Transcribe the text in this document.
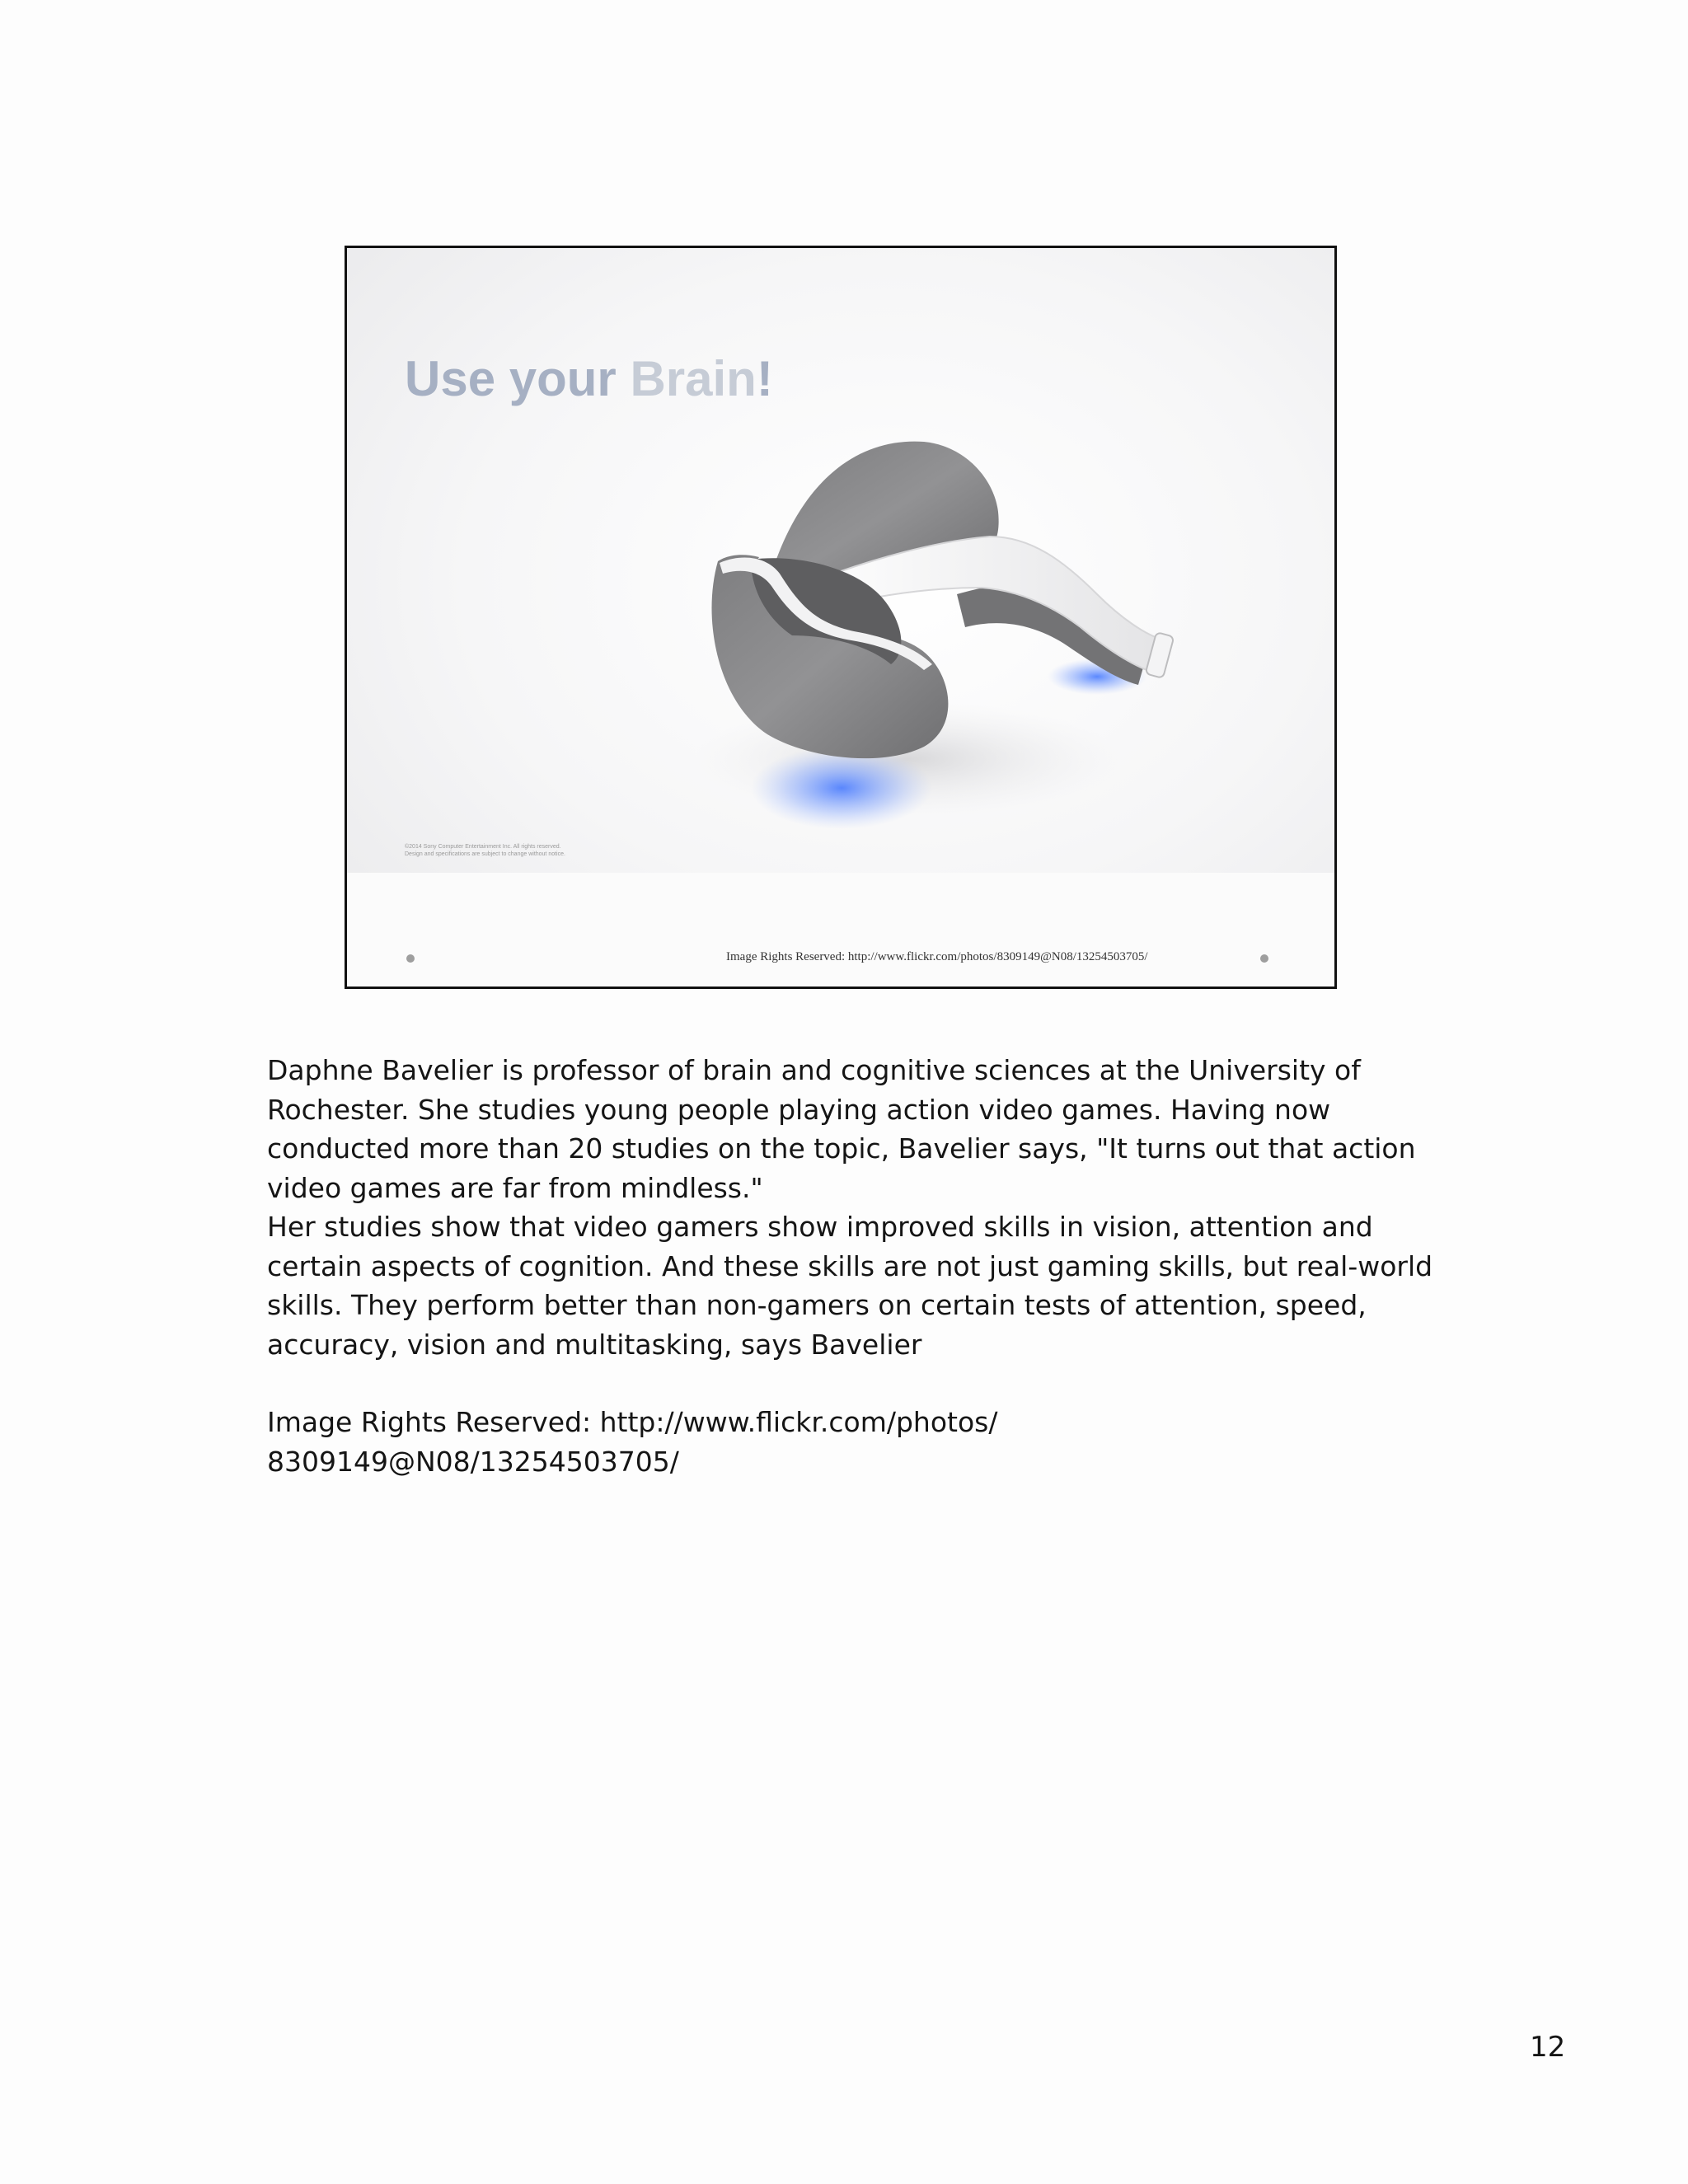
Use your Brain!
©2014 Sony Computer Entertainment Inc. All rights reserved.
Design and specifications are subject to change without notice.
Image Rights Reserved: http://www.flickr.com/photos/8309149@N08/13254503705/

Daphne Bavelier is professor of brain and cognitive sciences at the University of Rochester. She studies young people playing action video games. Having now conducted more than 20 studies on the topic, Bavelier says, "It turns out that action video games are far from mindless."

Her studies show that video gamers show improved skills in vision, attention and certain aspects of cognition. And these skills are not just gaming skills, but real-world skills. They perform better than non-gamers on certain tests of attention, speed, accuracy, vision and multitasking, says Bavelier

Image Rights Reserved: http://www.flickr.com/photos/

8309149@N08/13254503705/

12
